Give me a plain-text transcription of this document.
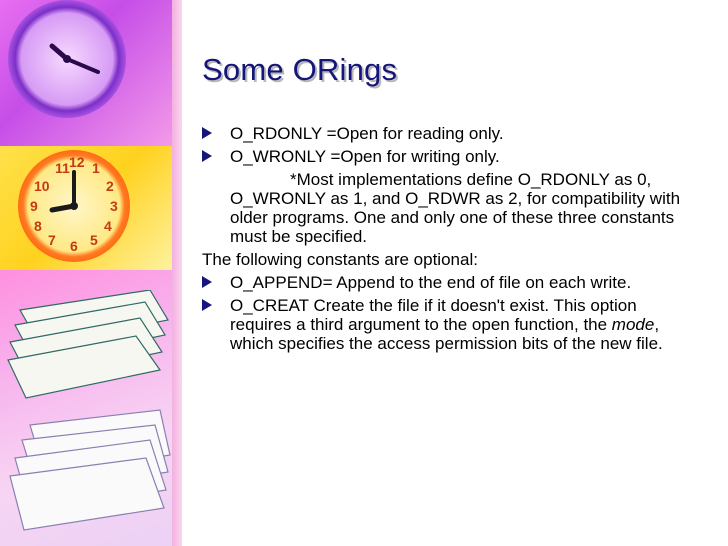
11 12 1
10	2
9	3
8	4
7 6 5
Some ORings
O_RDONLY =Open for reading only.
O_WRONLY =Open for writing only.
*Most implementations define O_RDONLY as 0, O_WRONLY as 1, and O_RDWR as 2, for compatibility with older programs. One and only one of these three constants must be specified.
The following constants are optional:
O_APPEND= Append to the end of file on each write.
O_CREAT Create the file if it doesn't exist. This option requires a third argument to the open function, the mode, which specifies the access permission bits of the new file.
